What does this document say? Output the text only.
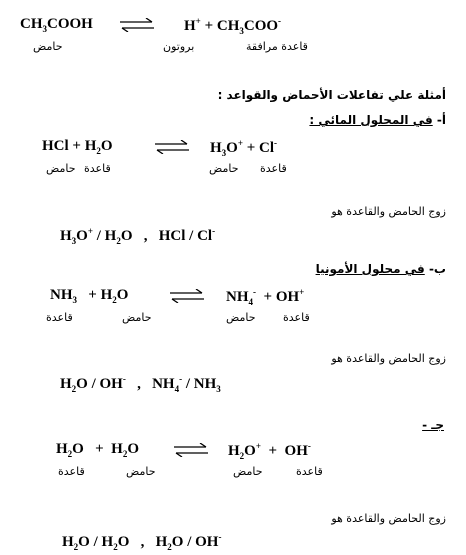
$CH_3COOH$	$H^+ + CH_3COO^-$
حامض	بروتون	قاعدة مرافقة
أمثلة علي تفاعلات الأحماض والقواعد :
أ- في المحلول المائي :
HCl + $H_2O$	⇌ $H_3O^+ + Cl^-$
حامض قاعدة	حامض قاعدة
زوج الحامض والقاعدة هو
$H_3O^+ / H_2O$ , HCl / Cl-
ب- في محلول الأمونيا
$NH_3 + H_2O$ ⇌ $NH_4^- + OH^+$
قاعدة	حامض	حامض قاعدة
زوج الحامض والقاعدة هو
$H_2O / OH^-$ , $NH_4^- / NH_3$
جـ -
$H_2O + H_2O$ ⇌ $H_2O^+ + OH^-$
قاعدة	حامض	حامض	قاعدة
زوج الحامض والقاعدة هو
$H_2O / H_2O$ , $H_2O / OH^-$
